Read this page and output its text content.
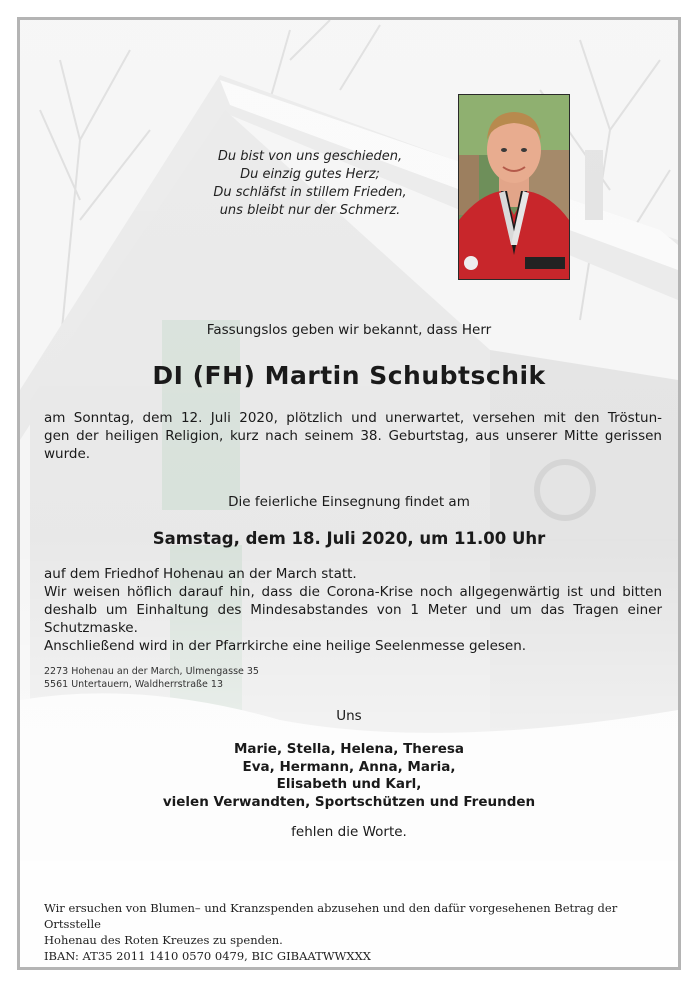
Du bist von uns geschieden,
Du einzig gutes Herz;
Du schläfst in stillem Frieden,
uns bleibt nur der Schmerz.
Fassungslos geben wir bekannt, dass Herr
DI (FH) Martin Schubtschik
am Sonntag, dem 12. Juli 2020, plötzlich und unerwartet, versehen mit den Tröstun-
gen der heiligen Religion, kurz nach seinem 38. Geburtstag, aus unserer Mitte gerissen
wurde.
Die feierliche Einsegnung findet am
Samstag, dem 18. Juli 2020, um 11.00 Uhr
auf dem Friedhof Hohenau an der March statt.
Wir weisen höflich darauf hin, dass die Corona-Krise noch allgegenwärtig ist und bitten
deshalb um Einhaltung des Mindesabstandes von 1 Meter und um das Tragen einer
Schutzmaske.
Anschließend wird in der Pfarrkirche eine heilige Seelenmesse gelesen.
2273 Hohenau an der March, Ulmengasse 35
5561 Untertauern, Waldherrstraße 13
Uns
Marie, Stella, Helena, Theresa
Eva, Hermann, Anna, Maria,
Elisabeth und Karl,
vielen Verwandten, Sportschützen und Freunden
fehlen die Worte.
Wir ersuchen von Blumen– und Kranzspenden abzusehen und den dafür vorgesehenen Betrag der Ortsstelle
Hohenau des Roten Kreuzes zu spenden.
IBAN: AT35 2011 1410 0570 0479, BIC GIBAATWWXXX
